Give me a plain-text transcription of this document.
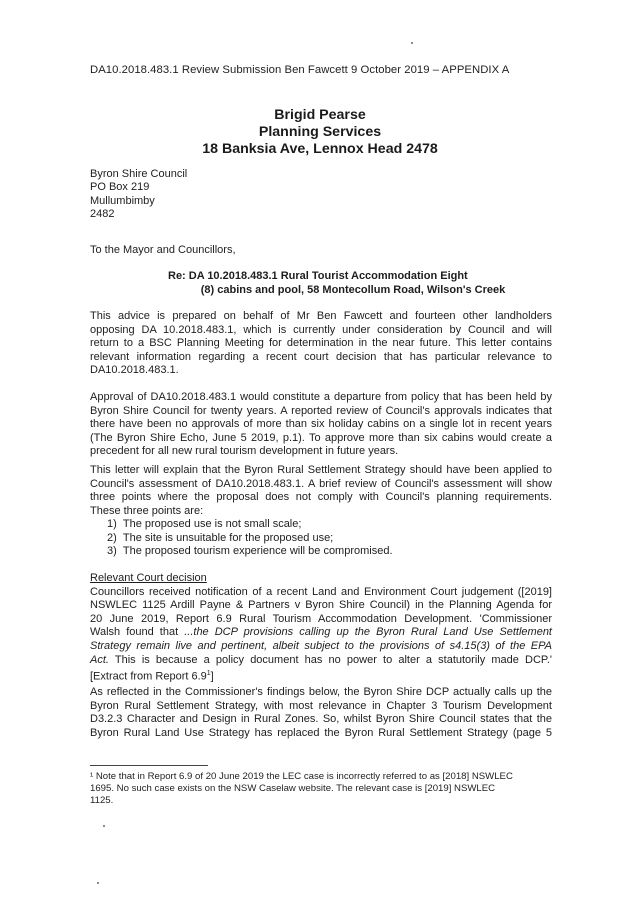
DA10.2018.483.1 Review Submission Ben Fawcett 9 October 2019 – APPENDIX A
Brigid Pearse
Planning Services
18 Banksia Ave, Lennox Head 2478
Byron Shire Council
PO Box 219
Mullumbimby
2482
To the Mayor and Councillors,
Re: DA 10.2018.483.1 Rural Tourist Accommodation Eight
(8) cabins and pool, 58 Montecollum Road, Wilson's Creek
This advice is prepared on behalf of Mr Ben Fawcett and fourteen other landholders
opposing DA 10.2018.483.1, which is currently under consideration by Council and will
return to a BSC Planning Meeting for determination in the near future. This letter contains
relevant information regarding a recent court decision that has particular relevance to
DA10.2018.483.1.
Approval of DA10.2018.483.1 would constitute a departure from policy that has been held by
Byron Shire Council for twenty years. A reported review of Council's approvals indicates that
there have been no approvals of more than six holiday cabins on a single lot in recent years
(The Byron Shire Echo, June 5 2019, p.1). To approve more than six cabins would create a
precedent for all new rural tourism development in future years.
This letter will explain that the Byron Rural Settlement Strategy should have been applied to
Council's assessment of DA10.2018.483.1. A brief review of Council's assessment will show
three points where the proposal does not comply with Council's planning requirements.
These three points are:
1)  The proposed use is not small scale;
2)  The site is unsuitable for the proposed use;
3)  The proposed tourism experience will be compromised.
Relevant Court decision
Councillors received notification of a recent Land and Environment Court judgement ([2019]
NSWLEC 1125 Ardill Payne & Partners v Byron Shire Council) in the Planning Agenda for
20 June 2019, Report 6.9 Rural Tourism Accommodation Development. 'Commissioner
Walsh found that ...the DCP provisions calling up the Byron Rural Land Use Settlement
Strategy remain live and pertinent, albeit subject to the provisions of s4.15(3) of the EPA
Act. This is because a policy document has no power to alter a statutorily made DCP.'
[Extract from Report $6.9^1$]
As reflected in the Commissioner's findings below, the Byron Shire DCP actually calls up the
Byron Rural Settlement Strategy, with most relevance in Chapter 3 Tourism Development
D3.2.3 Character and Design in Rural Zones. So, whilst Byron Shire Council states that the
Byron Rural Land Use Strategy has replaced the Byron Rural Settlement Strategy (page 5
¹ Note that in Report 6.9 of 20 June 2019 the LEC case is incorrectly referred to as [2018] NSWLEC
1695. No such case exists on the NSW Caselaw website. The relevant case is [2019] NSWLEC
1125.
